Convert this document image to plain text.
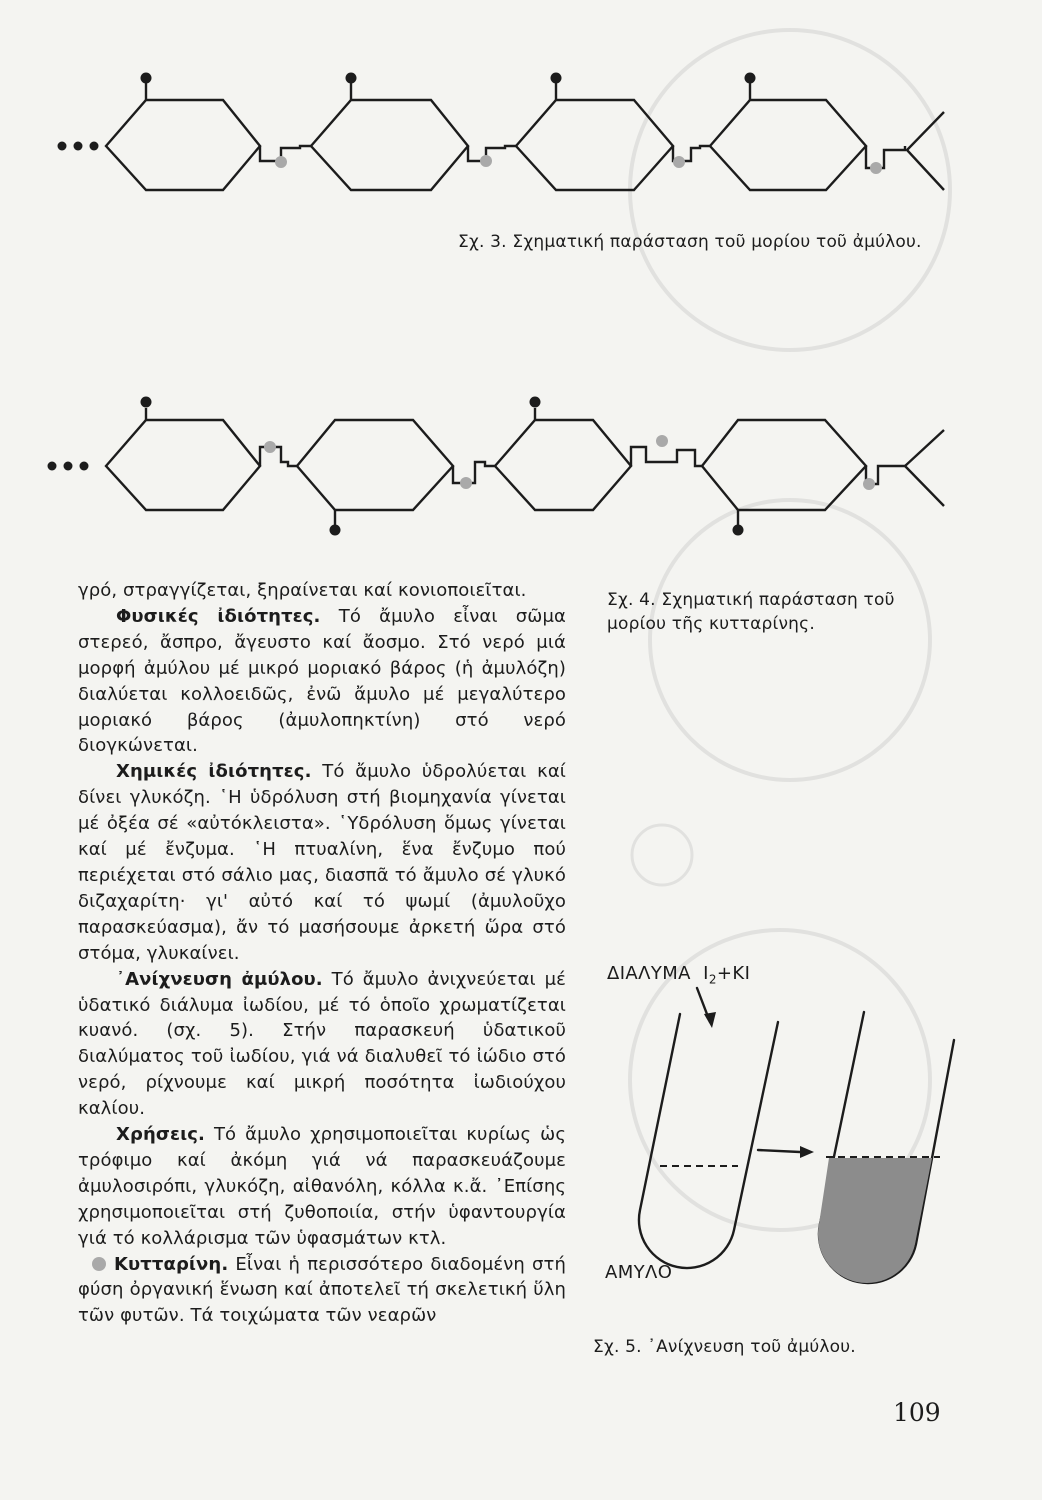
Σχ. 3. Σχηματική παράσταση τοῦ μορίου τοῦ ἀμύλου.
Σχ. 4. Σχηματική παράσταση τοῦ μορίου τῆς κυτταρίνης.

γρό, στραγγίζεται, ξηραίνεται καί κονιοποιεῖται.

Φυσικές ἰδιότητες. Τό ἄμυλο εἶναι σῶμα στερεό, ἄσπρο, ἄγευστο καί ἄοσμο. Στό νερό μιά μορφή ἀμύλου μέ μικρό μοριακό βάρος (ἡ ἀμυλόζη) διαλύεται κολλοειδῶς, ἐνῶ ἄμυλο μέ μεγαλύτερο μοριακό βάρος (ἀμυλοπηκτίνη) στό νερό διογκώνεται.

Χημικές ἰδιότητες. Τό ἄμυλο ὑδρολύεται καί δίνει γλυκόζη. ῾Η ὑδρόλυση στή βιομηχανία γίνεται μέ ὀξέα σέ «αὐτόκλειστα». ῾Υδρόλυση ὅμως γίνεται καί μέ ἔνζυμα. ῾Η πτυαλίνη, ἕνα ἔνζυμο πού περιέχεται στό σάλιο μας, διασπᾶ τό ἄμυλο σέ γλυκό διζαχαρίτη· γι' αὐτό καί τό ψωμί (ἀμυλοῦχο παρασκεύασμα), ἄν τό μασήσουμε ἀρκετή ὥρα στό στόμα, γλυκαίνει.

᾿Ανίχνευση ἀμύλου. Τό ἄμυλο ἀνιχνεύεται μέ ὑδατικό διάλυμα ἰωδίου, μέ τό ὁποῖο χρωματίζεται κυανό. (σχ. 5). Στήν παρασκευή ὑδατικοῦ διαλύματος τοῦ ἰωδίου, γιά νά διαλυθεῖ τό ἰώδιο στό νερό, ρίχνουμε καί μικρή ποσότητα ἰωδιούχου καλίου.

Χρήσεις. Τό ἄμυλο χρησιμοποιεῖται κυρίως ὡς τρόφιμο καί ἀκόμη γιά νά παρασκευάζουμε ἀμυλοσιρόπι, γλυκόζη, αἰθανόλη, κόλλα κ.ἄ. ᾿Επίσης χρησιμοποιεῖται στή ζυθοποιία, στήν ὑφαντουργία γιά τό κολλάρισμα τῶν ὑφασμάτων κτλ.

Κυτταρίνη. Εἶναι ἡ περισσότερο διαδομένη στή φύση ὀργανική ἕνωση καί ἀποτελεῖ τή σκελετική ὕλη τῶν φυτῶν. Τά τοιχώματα τῶν νεαρῶν

ΔΙΑΛΥΜΑ $I_2+KI$
ΑΜΥΛΟ
Σχ. 5. ᾿Ανίχνευση τοῦ ἀμύλου.
109
